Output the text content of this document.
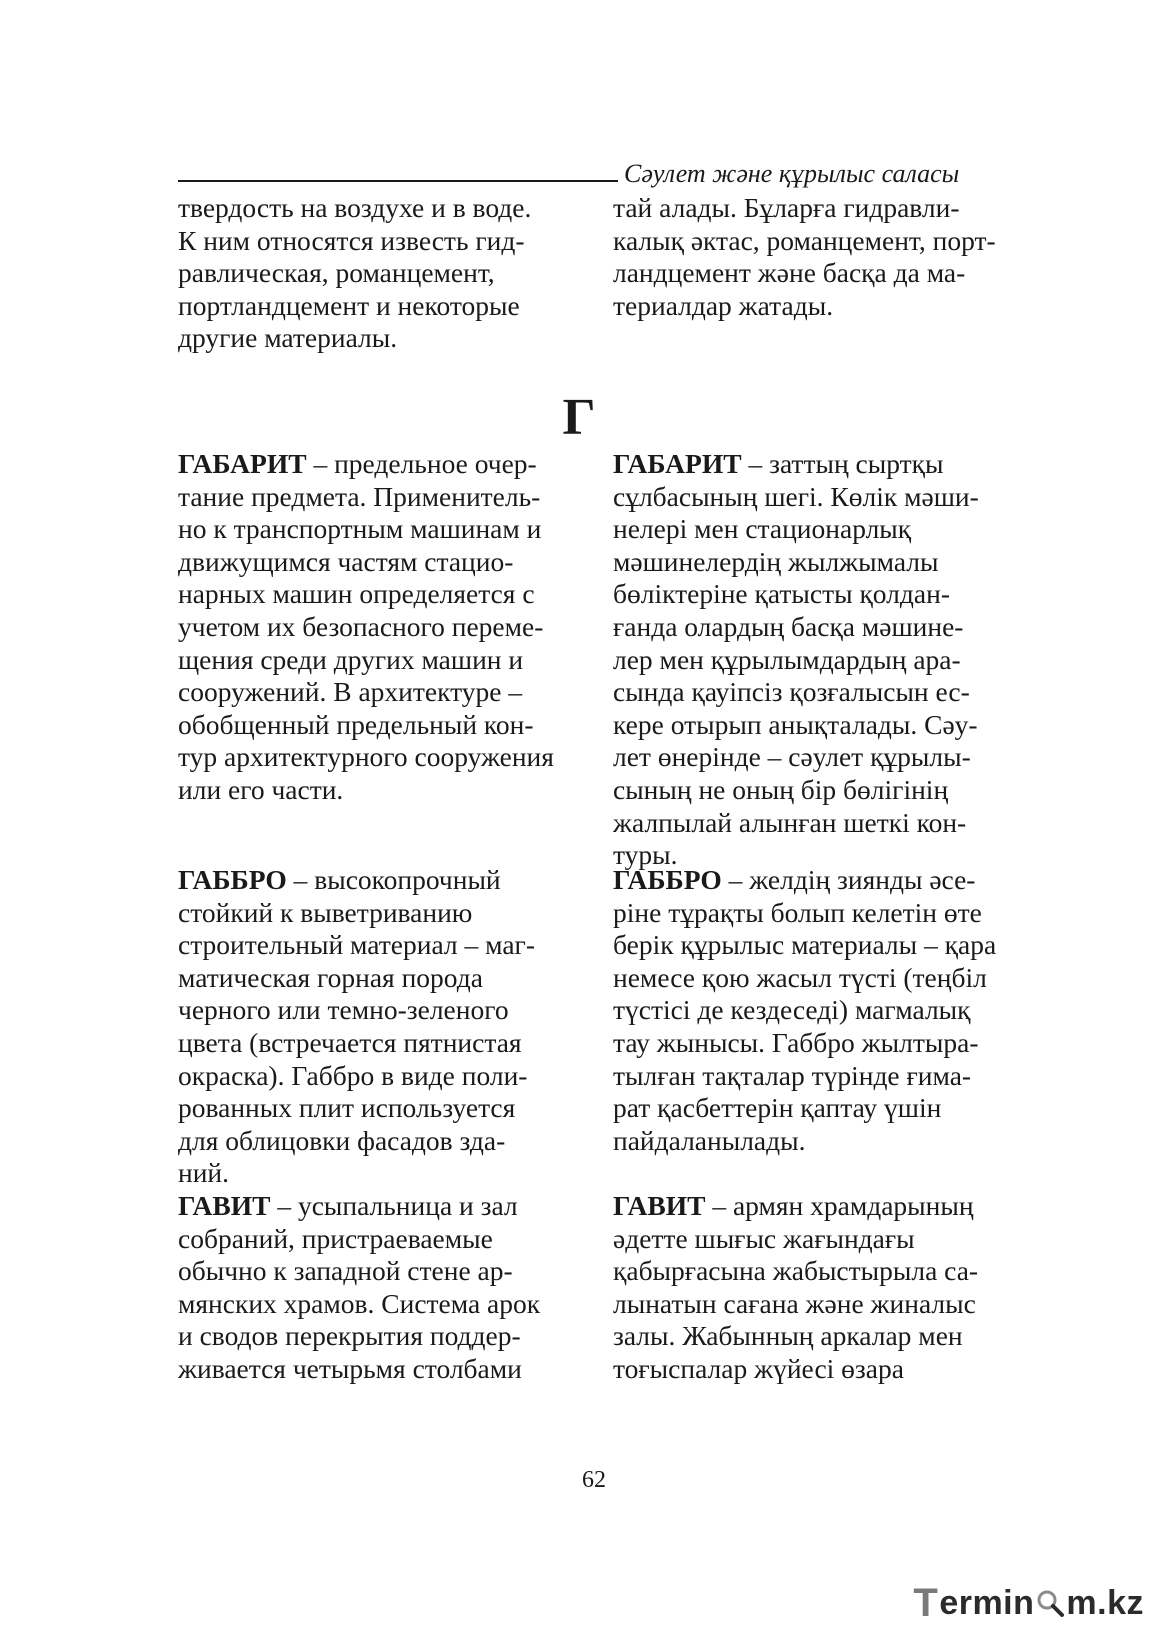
Сәулет және құрылыс саласы

твердость на воздухе и в воде.

К ним относятся известь гид-

равлическая, романцемент,

портландцемент и некоторые

другие материалы.

тай алады. Бұларға гидравли-

калық әктас, романцемент, порт-

ландцемент және басқа да ма-

териалдар жатады.

Г

ГАБАРИТ – предельное очер-

тание предмета. Применитель-

но к транспортным машинам и

движущимся частям стацио-

нарных машин определяется с

учетом их безопасного переме-

щения среди других машин и

сооружений. В архитектуре –

обобщенный предельный кон-

тур архитектурного сооружения

или его части.

ГАБАРИТ – заттың сыртқы

сұлбасының шегі. Көлік мәши-

нелері мен стационарлық

мәшинелердің жылжымалы

бөліктеріне қатысты қолдан-

ғанда олардың басқа мәшине-

лер мен құрылымдардың ара-

сында қауіпсіз қозғалысын ес-

кере отырып анықталады. Сәу-

лет өнерінде – сәулет құрылы-

сының не оның бір бөлігінің

жалпылай алынған шеткі кон-

туры.

ГАББРО – высокопрочный

стойкий к выветриванию

строительный материал – маг-

матическая горная порода

черного или темно-зеленого

цвета (встречается пятнистая

окраска). Габбро в виде поли-

рованных плит используется

для облицовки фасадов зда-

ний.

ГАББРО – желдің зиянды әсе-

ріне тұрақты болып келетін өте

берік құрылыс материалы – қара

немесе қою жасыл түсті (теңбіл

түстісі де кездеседі) магмалық

тау жынысы. Габбро жылтыра-

тылған тақталар түрінде ғима-

рат қасбеттерін қаптау үшін

пайдаланылады.

ГАВИТ – усыпальница и зал

собраний, пристраеваемые

обычно к западной стене ар-

мянских храмов. Система арок

и сводов перекрытия поддер-

живается четырьмя столбами

ГАВИТ – армян храмдарының

әдетте шығыс жағындағы

қабырғасына жабыстырыла са-

лынатын сағана және жиналыс

залы. Жабынның аркалар мен

тоғыспалар жүйесі өзара

62
T ermin m.kz
